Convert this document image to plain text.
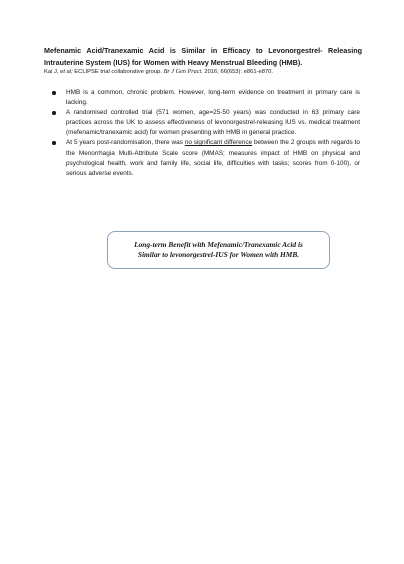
Mefenamic Acid/Tranexamic Acid is Similar in Efficacy to Levonorgestrel- Releasing Intrauterine System (IUS) for Women with Heavy Menstrual Bleeding (HMB).

Kai J, et al; ECLIPSE trial collaborative group. Br J Gen Pract. 2016; 66(653): e861-e870.

HMB is a common, chronic problem. However, long-term evidence on treatment in primary care is lacking.
A randomised controlled trial (571 women, age=25-50 years) was conducted in 63 primary care practices across the UK to assess effectiveness of levonorgestrel-releasing IUS vs. medical treatment (mefenamic/tranexamic acid) for women presenting with HMB in general practice.
At 5 years post-randomisation, there was no significant difference between the 2 groups with regards to the Menorrhagia Multi-Attribute Scale score (MMAS; measures impact of HMB on physical and psychological health, work and family life, social life, difficulties with tasks; scores from 0-100), or serious adverse events.
Long-term Benefit with Mefenamic/Tranexamic Acid is
Similar to levonorgestrel-IUS for Women with HMB.
